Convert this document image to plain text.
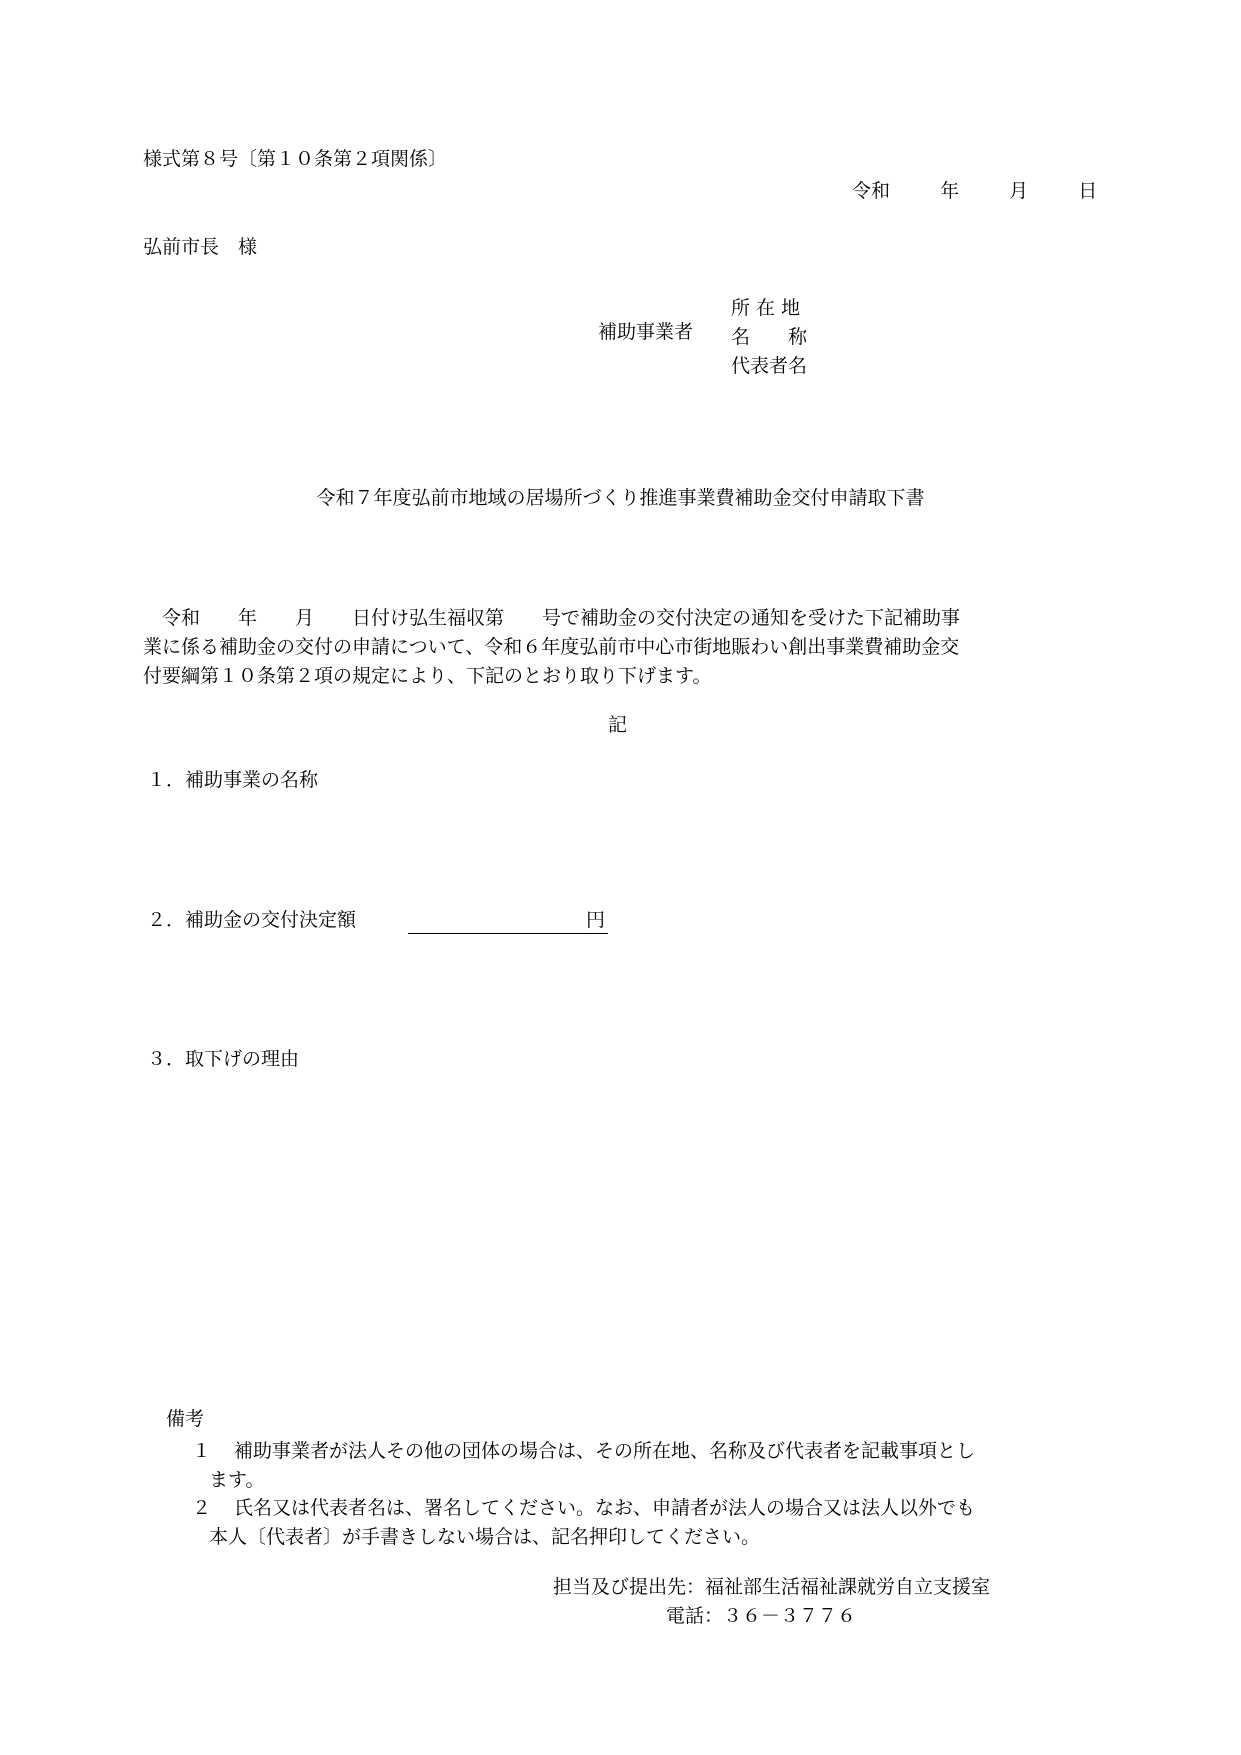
様式第８号〔第１０条第２項関係〕
令和	年	月	日
弘前市長　様
補助事業者
所 在 地
名　　称
代表者名
令和７年度弘前市地域の居場所づくり推進事業費補助金交付申請取下書

　令和　　年　　月　　日付け弘生福収第　　号で補助金の交付決定の通知を受けた下記補助事

業に係る補助金の交付の申請について、令和６年度弘前市中心市街地賑わい創出事業費補助金交

付要綱第１０条第２項の規定により、下記のとおり取り下げます。

記
１．補助事業の名称
２．補助金の交付決定額	円
３．取下げの理由
備考
１ 補助事業者が法人その他の団体の場合は、その所在地、名称及び代表者を記載事項とし
ます。
２ 氏名又は代表者名は、署名してください。なお、申請者が法人の場合又は法人以外でも
本人〔代表者〕が手書きしない場合は、記名押印してください。
担当及び提出先：福祉部生活福祉課就労自立支援室
電話：３６－３７７６
